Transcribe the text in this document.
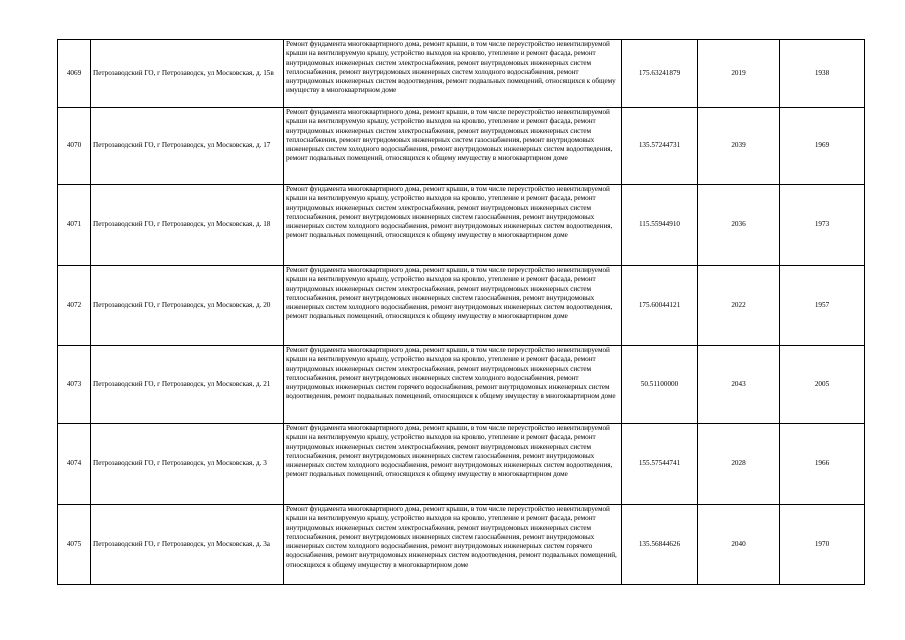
4069	Петрозаводский ГО, г Петрозаводск, ул Московская, д. 15в	Ремонт фундамента многоквартирного дома, ремонт крыши, в том числе переустройство невентилируемой крыши на вентилируемую крышу, устройство выходов на кровлю, утепление и ремонт фасада, ремонт внутридомовых инженерных систем электроснабжения, ремонт внутридомовых инженерных систем теплоснабжения, ремонт внутридомовых инженерных систем холодного водоснабжения, ремонт внутридомовых инженерных систем водоотведения, ремонт подвальных помещений, относящихся к общему имуществу в многоквартирном доме	175.63241879	2019	1938
4070	Петрозаводский ГО, г Петрозаводск, ул Московская, д. 17	Ремонт фундамента многоквартирного дома, ремонт крыши, в том числе переустройство невентилируемой крыши на вентилируемую крышу, устройство выходов на кровлю, утепление и ремонт фасада, ремонт внутридомовых инженерных систем электроснабжения, ремонт внутридомовых инженерных систем теплоснабжения, ремонт внутридомовых инженерных систем газоснабжения, ремонт внутридомовых инженерных систем холодного водоснабжения, ремонт внутридомовых инженерных систем водоотведения, ремонт подвальных помещений, относящихся к общему имуществу в многоквартирном доме	135.57244731	2039	1969
4071	Петрозаводский ГО, г Петрозаводск, ул Московская, д. 18	Ремонт фундамента многоквартирного дома, ремонт крыши, в том числе переустройство невентилируемой крыши на вентилируемую крышу, устройство выходов на кровлю, утепление и ремонт фасада, ремонт внутридомовых инженерных систем электроснабжения, ремонт внутридомовых инженерных систем теплоснабжения, ремонт внутридомовых инженерных систем газоснабжения, ремонт внутридомовых инженерных систем холодного водоснабжения, ремонт внутридомовых инженерных систем водоотведения, ремонт подвальных помещений, относящихся к общему имуществу в многоквартирном доме	115.55944910	2036	1973
4072	Петрозаводский ГО, г Петрозаводск, ул Московская, д. 20	Ремонт фундамента многоквартирного дома, ремонт крыши, в том числе переустройство невентилируемой крыши на вентилируемую крышу, устройство выходов на кровлю, утепление и ремонт фасада, ремонт внутридомовых инженерных систем электроснабжения, ремонт внутридомовых инженерных систем теплоснабжения, ремонт внутридомовых инженерных систем газоснабжения, ремонт внутридомовых инженерных систем холодного водоснабжения, ремонт внутридомовых инженерных систем водоотведения, ремонт подвальных помещений, относящихся к общему имуществу в многоквартирном доме	175.60044121	2022	1957
4073	Петрозаводский ГО, г Петрозаводск, ул Московская, д. 21	Ремонт фундамента многоквартирного дома, ремонт крыши, в том числе переустройство невентилируемой крыши на вентилируемую крышу, устройство выходов на кровлю, утепление и ремонт фасада, ремонт внутридомовых инженерных систем электроснабжения, ремонт внутридомовых инженерных систем теплоснабжения, ремонт внутридомовых инженерных систем холодного водоснабжения, ремонт внутридомовых инженерных систем горячего водоснабжения, ремонт внутридомовых инженерных систем водоотведения, ремонт подвальных помещений, относящихся к общему имуществу в многоквартирном доме	50.51100000	2043	2005
4074	Петрозаводский ГО, г Петрозаводск, ул Московская, д. 3	Ремонт фундамента многоквартирного дома, ремонт крыши, в том числе переустройство невентилируемой крыши на вентилируемую крышу, устройство выходов на кровлю, утепление и ремонт фасада, ремонт внутридомовых инженерных систем электроснабжения, ремонт внутридомовых инженерных систем теплоснабжения, ремонт внутридомовых инженерных систем газоснабжения, ремонт внутридомовых инженерных систем холодного водоснабжения, ремонт внутридомовых инженерных систем водоотведения, ремонт подвальных помещений, относящихся к общему имуществу в многоквартирном доме	155.57544741	2028	1966
4075	Петрозаводский ГО, г Петрозаводск, ул Московская, д. 3а	Ремонт фундамента многоквартирного дома, ремонт крыши, в том числе переустройство невентилируемой крыши на вентилируемую крышу, устройство выходов на кровлю, утепление и ремонт фасада, ремонт внутридомовых инженерных систем электроснабжения, ремонт внутридомовых инженерных систем теплоснабжения, ремонт внутридомовых инженерных систем газоснабжения, ремонт внутридомовых инженерных систем холодного водоснабжения, ремонт внутридомовых инженерных систем горячего водоснабжения, ремонт внутридомовых инженерных систем водоотведения, ремонт подвальных помещений, относящихся к общему имуществу в многоквартирном доме	135.56844626	2040	1970
